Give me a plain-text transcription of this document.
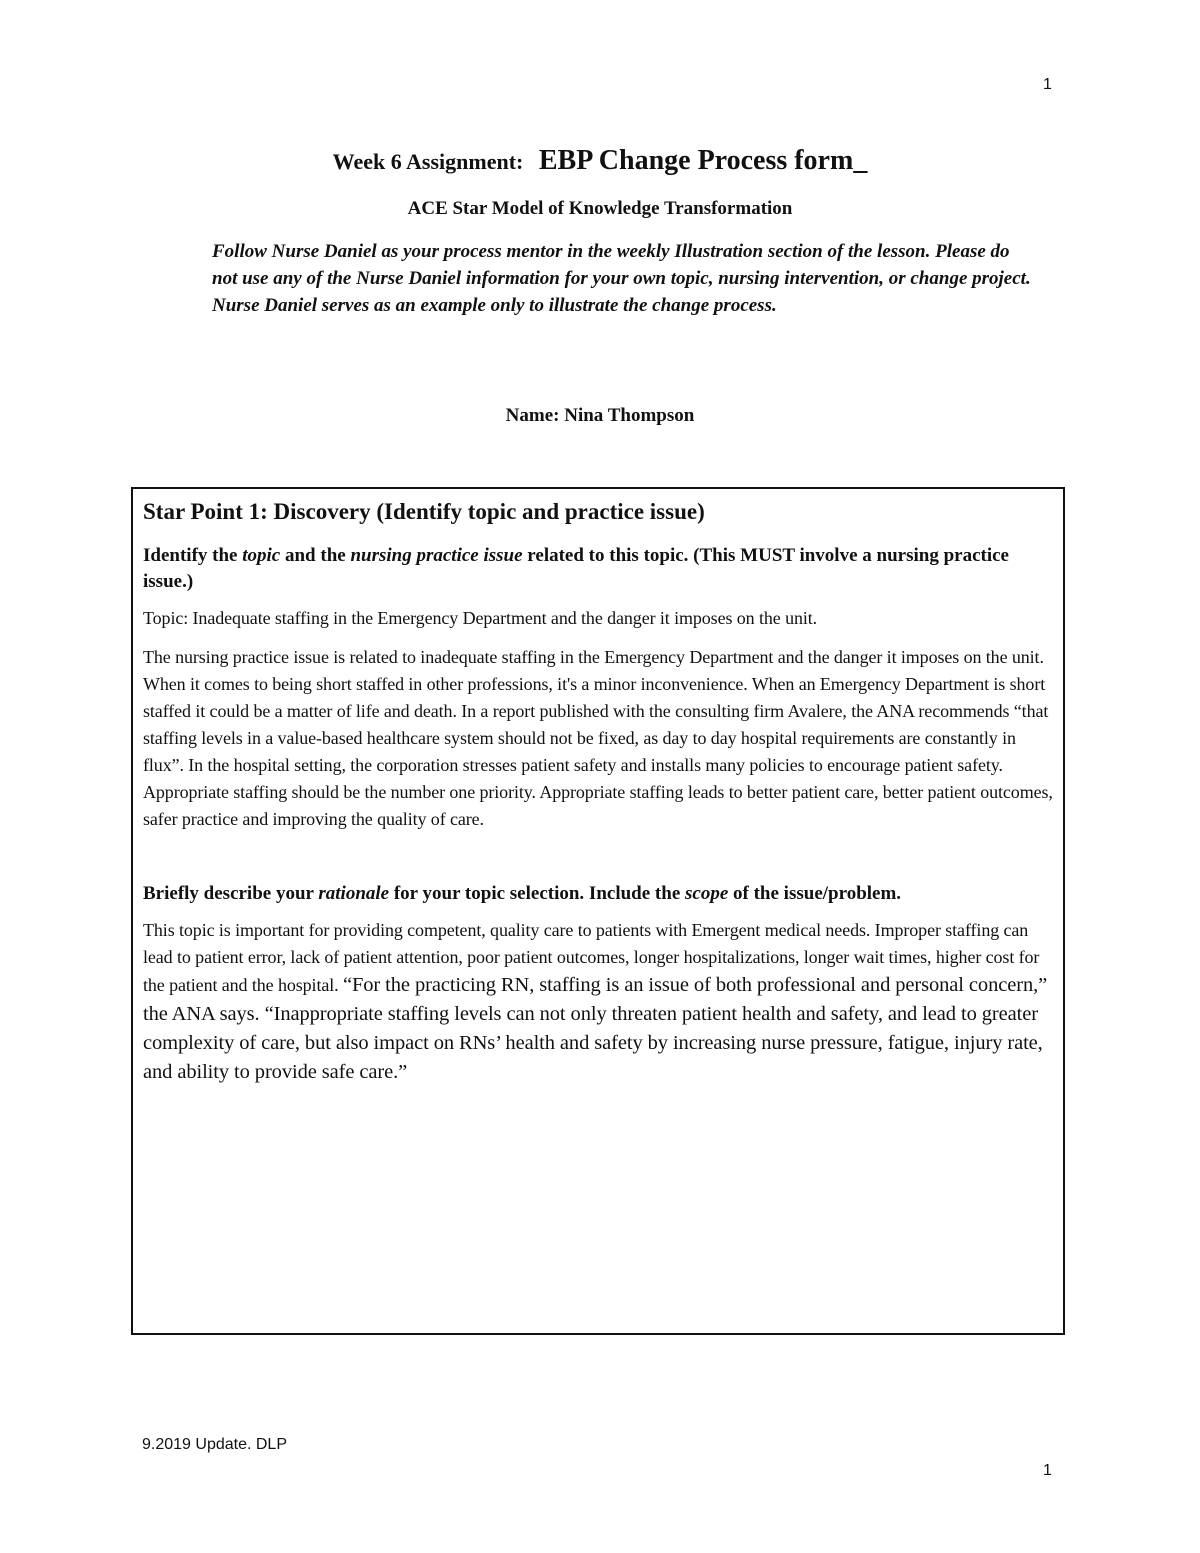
1
Week 6 Assignment: EBP Change Process form_
ACE Star Model of Knowledge Transformation
Follow Nurse Daniel as your process mentor in the weekly Illustration section of the lesson. Please do not use any of the Nurse Daniel information for your own topic, nursing intervention, or change project. Nurse Daniel serves as an example only to illustrate the change process.
Name: Nina Thompson
Star Point 1: Discovery (Identify topic and practice issue)
Identify the topic and the nursing practice issue related to this topic. (This MUST involve a nursing practice issue.)
Topic: Inadequate staffing in the Emergency Department and the danger it imposes on the unit.
The nursing practice issue is related to inadequate staffing in the Emergency Department and the danger it imposes on the unit. When it comes to being short staffed in other professions, it's a minor inconvenience. When an Emergency Department is short staffed it could be a matter of life and death. In a report published with the consulting firm Avalere, the ANA recommends “that staffing levels in a value-based healthcare system should not be fixed, as day to day hospital requirements are constantly in flux”. In the hospital setting, the corporation stresses patient safety and installs many policies to encourage patient safety. Appropriate staffing should be the number one priority. Appropriate staffing leads to better patient care, better patient outcomes, safer practice and improving the quality of care.
Briefly describe your rationale for your topic selection. Include the scope of the issue/problem.
This topic is important for providing competent, quality care to patients with Emergent medical needs. Improper staffing can lead to patient error, lack of patient attention, poor patient outcomes, longer hospitalizations, longer wait times, higher cost for the patient and the hospital. “For the practicing RN, staffing is an issue of both professional and personal concern,” the ANA says. “Inappropriate staffing levels can not only threaten patient health and safety, and lead to greater complexity of care, but also impact on RNs’ health and safety by increasing nurse pressure, fatigue, injury rate, and ability to provide safe care.”
9.2019 Update. DLP
1
